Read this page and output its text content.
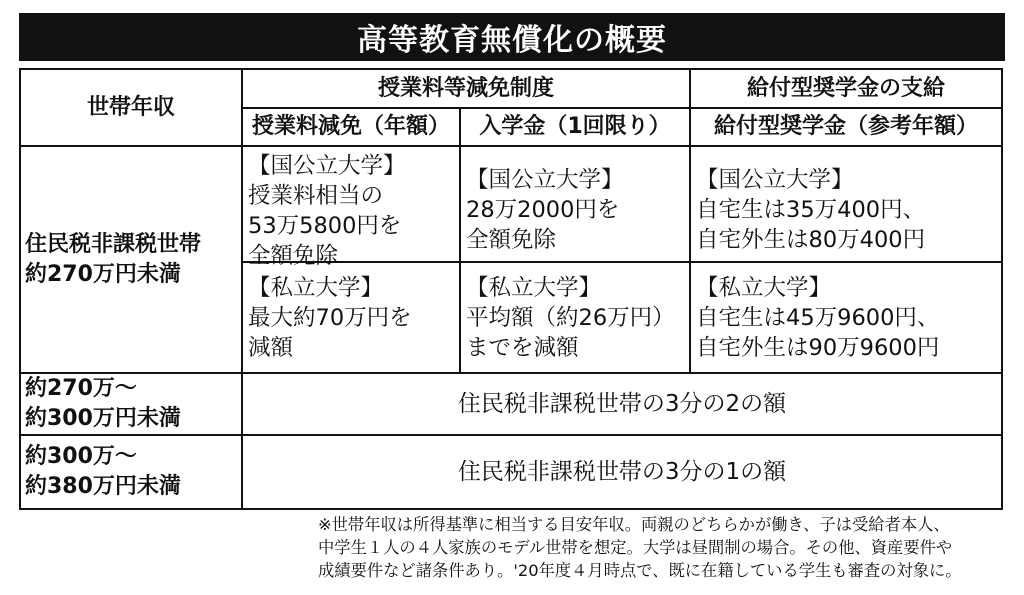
高等教育無償化の概要
世帯年収
授業料等減免制度	給付型奨学金の支給
授業料減免（年額） 入学金（1回限り） 給付型奨学金（参考年額）
住民税非課税世帯
約270万円未満
【国公立大学】
授業料相当の
53万5800円を
全額免除
【国公立大学】
28万2000円を
全額免除
【国公立大学】
自宅生は35万400円、
自宅外生は80万400円
【私立大学】
最大約70万円を
減額
【私立大学】
平均額（約26万円）
までを減額
【私立大学】
自宅生は45万9600円、
自宅外生は90万9600円
約270万～
約300万円未満
住民税非課税世帯の3分の2の額
約300万～
約380万円未満
住民税非課税世帯の3分の1の額
※世帯年収は所得基準に相当する目安年収。両親のどちらかが働き、子は受給者本人、
中学生１人の４人家族のモデル世帯を想定。大学は昼間制の場合。その他、資産要件や
成績要件など諸条件あり。'20年度４月時点で、既に在籍している学生も審査の対象に。
